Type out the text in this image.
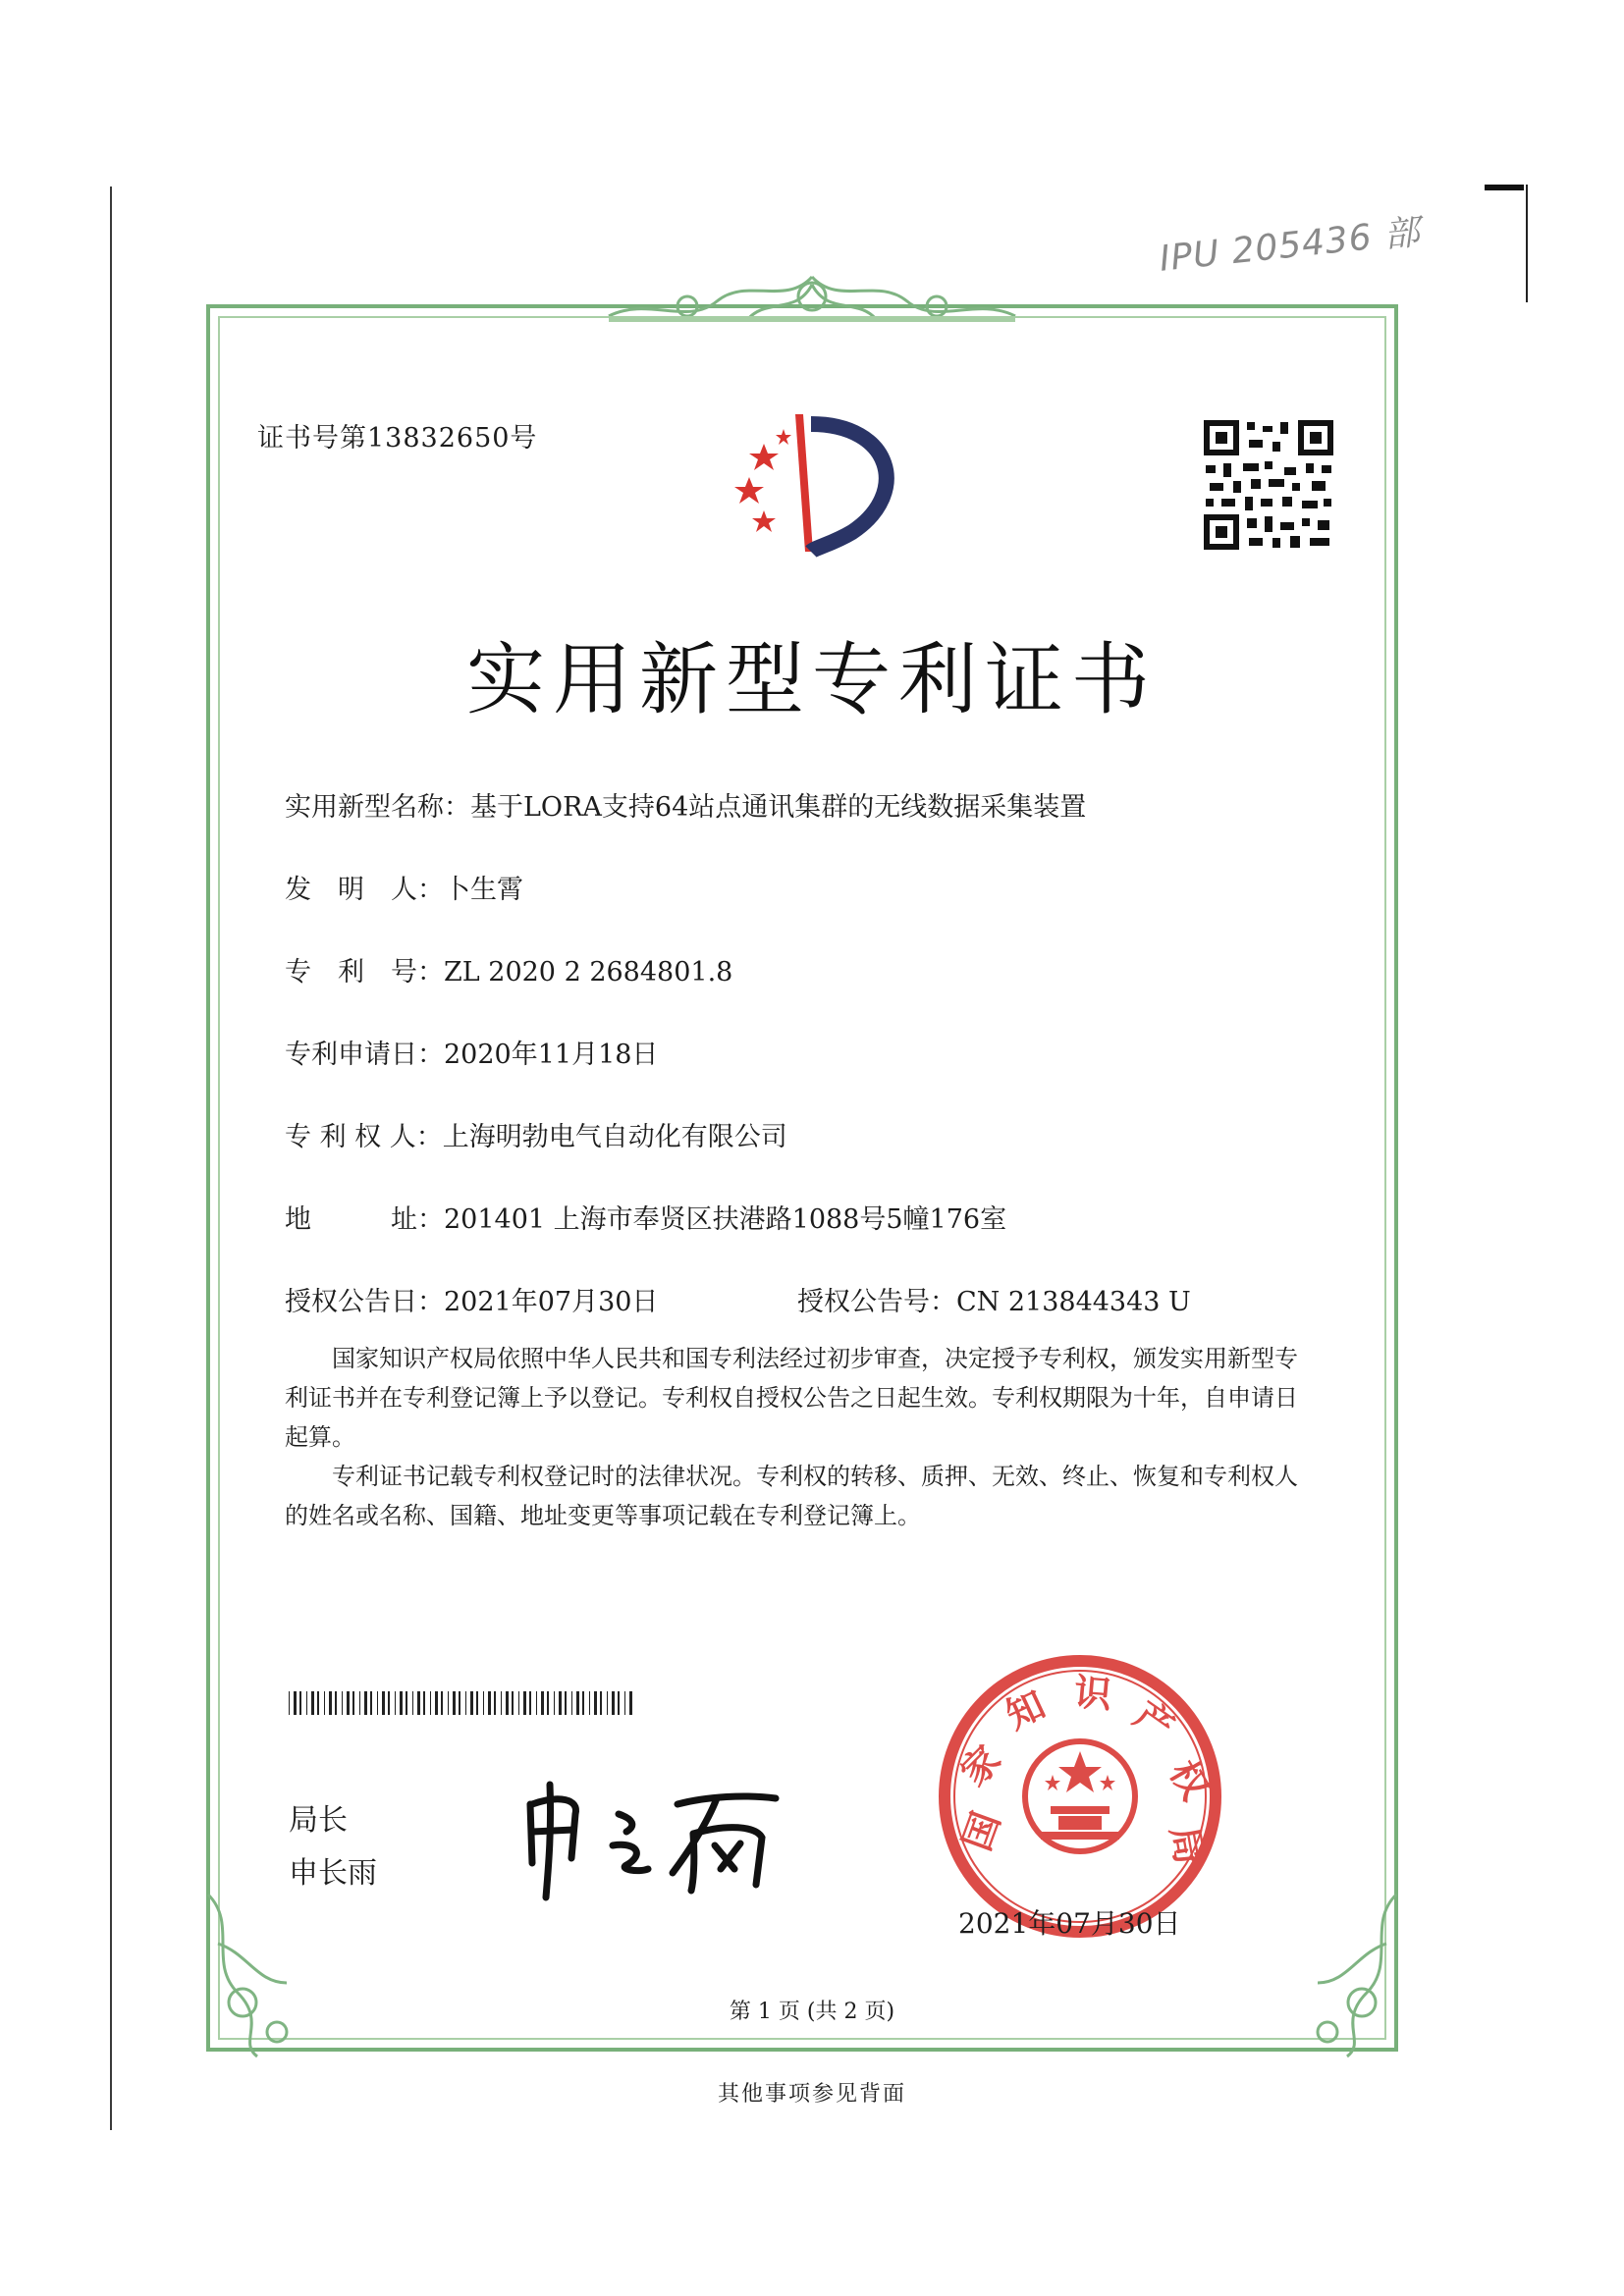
IPU 205436 部
证书号第13832650号
实用新型专利证书
实用新型名称：基于LORA支持64站点通讯集群的无线数据采集装置
发　明　人：卜生霄
专　利　号：ZL 2020 2 2684801.8
专利申请日：2020年11月18日
专 利 权 人：上海明勃电气自动化有限公司
地　　　址：201401 上海市奉贤区扶港路1088号5幢176室
授权公告日：2021年07月30日	授权公告号：CN 213844343 U

国家知识产权局依照中华人民共和国专利法经过初步审查，决定授予专利权，颁发实用新型专利证书并在专利登记簿上予以登记。专利权自授权公告之日起生效。专利权期限为十年，自申请日起算。

专利证书记载专利权登记时的法律状况。专利权的转移、质押、无效、终止、恢复和专利权人的姓名或名称、国籍、地址变更等事项记载在专利登记簿上。

局长
申长雨
国
家
知 识 产
权
局
2021年07月30日
第 1 页 (共 2 页)
其他事项参见背面
